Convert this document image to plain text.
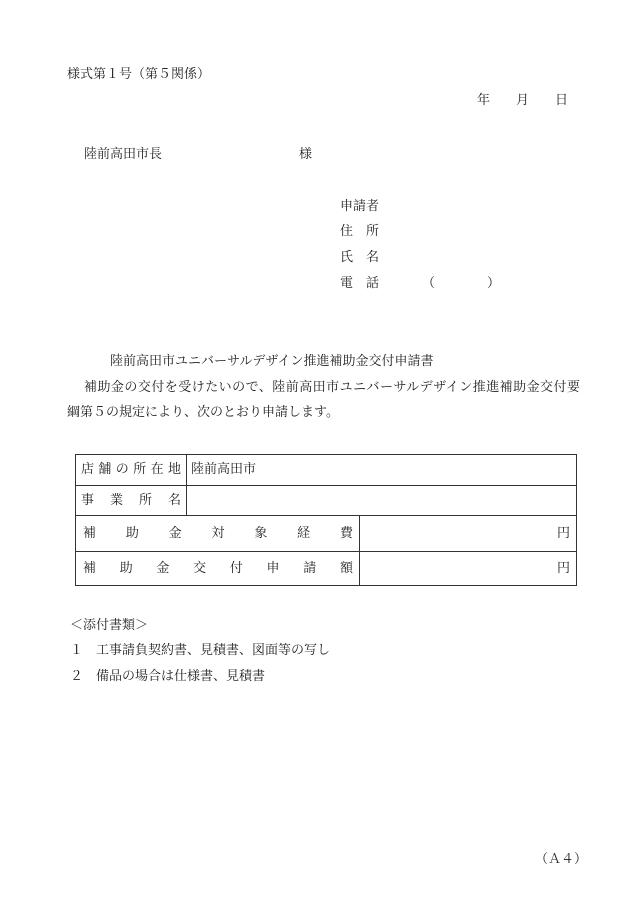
様式第１号（第５関係）
年　　月　　日
陸前高田市長	様
申請者
住　所
氏　名
電　話	（　　　　）
陸前高田市ユニバーサルデザイン推進補助金交付申請書
補助金の交付を受けたいので、陸前高田市ユニバーサルデザイン推進補助金交付要
綱第５の規定により、次のとおり申請します。
店舗の所在地 陸前高田市
事業所名
補助金対象経費	円
補助金交付申請額	円
＜添付書類＞
１　工事請負契約書、見積書、図面等の写し
２　備品の場合は仕様書、見積書
（Ａ４）
